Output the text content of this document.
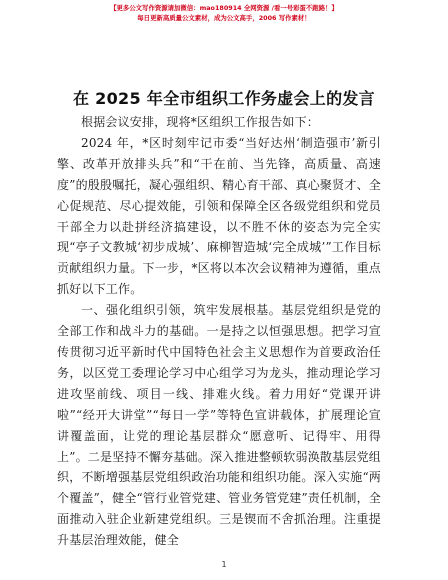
【更多公文写作资源请加微信：mao180914 全网资源 /看一号彩蛋不跑路！】
每日更新高质量公文素材，成为公文高手，2006 写作素材！
在 2025 年全市组织工作务虚会上的发言

根据会议安排，现将*区组织工作报告如下：

2024 年，*区时刻牢记市委“当好达州‘制造强市’新引擎、改革开放排头兵”和“干在前、当先锋，高质量、高速度”的殷殷嘱托，凝心强组织、精心育干部、真心聚贤才、全心促规范、尽心提效能，引领和保障全区各级党组织和党员干部全力以赴拼经济搞建设，以不胜不休的姿态为完全实现“亭子文教城‘初步成城’、麻柳智造城‘完全成城’”工作目标贡献组织力量。下一步，*区将以本次会议精神为遵循，重点抓好以下工作。

一、强化组织引领，筑牢发展根基。基层党组织是党的全部工作和战斗力的基础。一是持之以恒强思想。把学习宣传贯彻习近平新时代中国特色社会主义思想作为首要政治任务，以区党工委理论学习中心组学习为龙头，推动理论学习进攻坚前线、项目一线、排难火线。着力用好“党课开讲啦”“经开大讲堂”“每日一学”等特色宣讲载体，扩展理论宣讲覆盖面，让党的理论基层群众“愿意听、记得牢、用得上”。二是坚持不懈夯基础。深入推进整顿软弱涣散基层党组织，不断增强基层党组织政治功能和组织功能。深入实施“两个覆盖”，健全“管行业管党建、管业务管党建”责任机制，全面推动入驻企业新建党组织。三是锲而不舍抓治理。注重提升基层治理效能，健全

1
